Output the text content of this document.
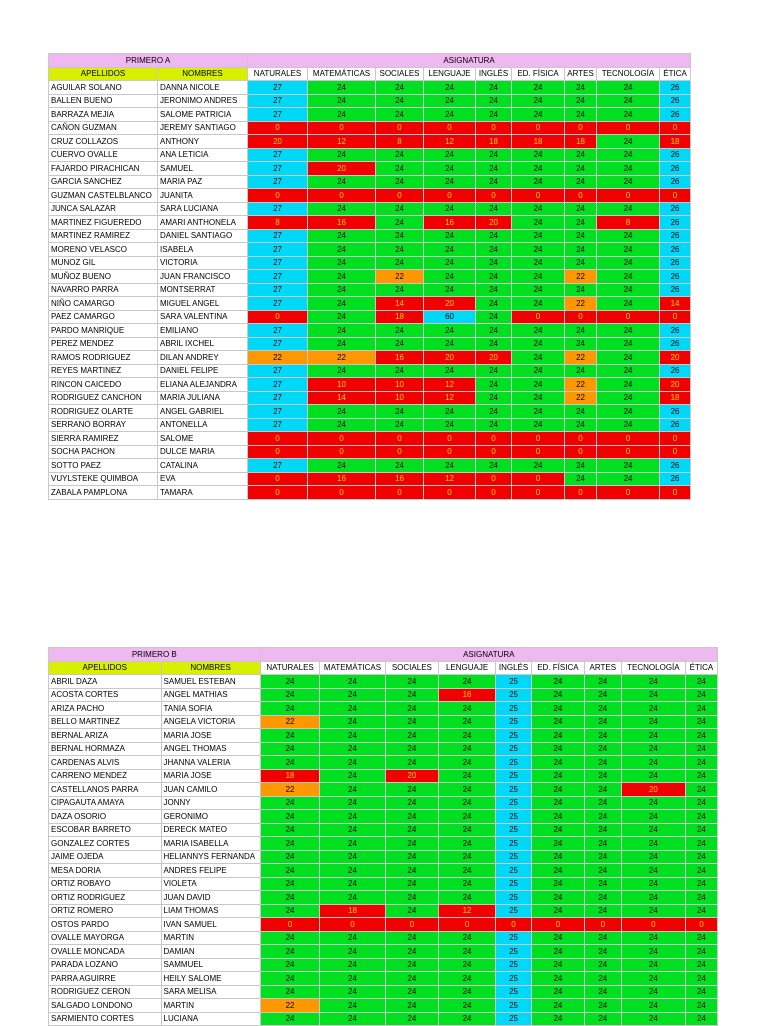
PRIMERO A		ASIGNATURA									
APELLIDOS	NOMBRES	NATURALES	MATEMÁTICAS	SOCIALES	LENGUAJE	INGLÉS	ED. FÍSICA	ARTES	TECNOLOGÍA	ÉTICA	
AGUILAR SOLANO	DANNA NICOLE	27	24	24	24	24	24	24	24	26	
BALLEN BUENO	JERONIMO ANDRES	27	24	24	24	24	24	24	24	26	
BARRAZA MEJIA	SALOME PATRICIA	27	24	24	24	24	24	24	24	26	
CAÑON GUZMAN	JEREMY SANTIAGO	0	0	0	0	0	0	0	0	0	
CRUZ COLLAZOS	ANTHONY	20	12	8	12	18	18	18	24	18	
CUERVO OVALLE	ANA LETICIA	27	24	24	24	24	24	24	24	26	
FAJARDO PIRACHICAN	SAMUEL	27	20	24	24	24	24	24	24	26	
GARCIA SANCHEZ	MARIA PAZ	27	24	24	24	24	24	24	24	26	
GUZMAN CASTELBLANCO	JUANITA	0	0	0	0	0	0	0	0	0	
JUNCA SALAZAR	SARA LUCIANA	27	24	24	24	24	24	24	24	26	
MARTINEZ FIGUEREDO	AMARI ANTHONELA	8	16	24	16	20	24	24	8	26	
MARTINEZ RAMIREZ	DANIEL SANTIAGO	27	24	24	24	24	24	24	24	26	
MORENO VELASCO	ISABELA	27	24	24	24	24	24	24	24	26	
MUNOZ GIL	VICTORIA	27	24	24	24	24	24	24	24	26	
MUÑOZ BUENO	JUAN FRANCISCO	27	24	22	24	24	24	22	24	26	
NAVARRO PARRA	MONTSERRAT	27	24	24	24	24	24	24	24	26	
NIÑO CAMARGO	MIGUEL ANGEL	27	24	14	20	24	24	22	24	14	
PAEZ CAMARGO	SARA VALENTINA	0	24	18	60	24	0	0	0	0	
PARDO MANRIQUE	EMILIANO	27	24	24	24	24	24	24	24	26	
PEREZ MENDEZ	ABRIL IXCHEL	27	24	24	24	24	24	24	24	26	
RAMOS RODRIGUEZ	DILAN ANDREY	22	22	16	20	20	24	22	24	20	
REYES MARTINEZ	DANIEL FELIPE	27	24	24	24	24	24	24	24	26	
RINCON CAICEDO	ELIANA ALEJANDRA	27	10	10	12	24	24	22	24	20	
RODRIGUEZ CANCHON	MARIA JULIANA	27	14	10	12	24	24	22	24	18	
RODRIGUEZ OLARTE	ANGEL GABRIEL	27	24	24	24	24	24	24	24	26	
SERRANO BORRAY	ANTONELLA	27	24	24	24	24	24	24	24	26	
SIERRA RAMIREZ	SALOME	0	0	0	0	0	0	0	0	0	
SOCHA PACHON	DULCE MARIA	0	0	0	0	0	0	0	0	0	
SOTTO PAEZ	CATALINA	27	24	24	24	24	24	24	24	26	
VUYLSTEKE QUIMBOA	EVA	0	16	16	12	0	0	24	24	26	
ZABALA PAMPLONA	TAMARA	0	0	0	0	0	0	0	0	0	
PRIMERO B		ASIGNATURA									
APELLIDOS	NOMBRES	NATURALES	MATEMÁTICAS	SOCIALES	LENGUAJE	INGLÉS	ED. FÍSICA	ARTES	TECNOLOGÍA	ÉTICA	
ABRIL DAZA	SAMUEL ESTEBAN	24	24	24	24	25	24	24	24	24	
ACOSTA CORTES	ANGEL MATHIAS	24	24	24	16	25	24	24	24	24	
ARIZA PACHO	TANIA SOFIA	24	24	24	24	25	24	24	24	24	
BELLO MARTINEZ	ANGELA VICTORIA	22	24	24	24	25	24	24	24	24	
BERNAL ARIZA	MARIA JOSE	24	24	24	24	25	24	24	24	24	
BERNAL HORMAZA	ANGEL THOMAS	24	24	24	24	25	24	24	24	24	
CARDENAS ALVIS	JHANNA VALERIA	24	24	24	24	25	24	24	24	24	
CARRENO MENDEZ	MARIA JOSE	18	24	20	24	25	24	24	24	24	
CASTELLANOS PARRA	JUAN CAMILO	22	24	24	24	25	24	24	20	24	
CIPAGAUTA AMAYA	JONNY	24	24	24	24	25	24	24	24	24	
DAZA OSORIO	GERONIMO	24	24	24	24	25	24	24	24	24	
ESCOBAR BARRETO	DERECK MATEO	24	24	24	24	25	24	24	24	24	
GONZALEZ CORTES	MARIA ISABELLA	24	24	24	24	25	24	24	24	24	
JAIME OJEDA	HELIANNYS FERNANDA	24	24	24	24	25	24	24	24	24	
MESA DORIA	ANDRES FELIPE	24	24	24	24	25	24	24	24	24	
ORTIZ ROBAYO	VIOLETA	24	24	24	24	25	24	24	24	24	
ORTIZ RODRIGUEZ	JUAN DAVID	24	24	24	24	25	24	24	24	24	
ORTIZ ROMERO	LIAM THOMAS	24	18	24	12	25	24	24	24	24	
OSTOS PARDO	IVAN SAMUEL	0	0	0	0	0	0	0	0	0	
OVALLE MAYORGA	MARTIN	24	24	24	24	25	24	24	24	24	
OVALLE MONCADA	DAMIAN	24	24	24	24	25	24	24	24	24	
PARADA LOZANO	SAMMUEL	24	24	24	24	25	24	24	24	24	
PARRA AGUIRRE	HEILY SALOME	24	24	24	24	25	24	24	24	24	
RODRIGUEZ CERON	SARA MELISA	24	24	24	24	25	24	24	24	24	
SALGADO LONDONO	MARTIN	22	24	24	24	25	24	24	24	24	
SARMIENTO CORTES	LUCIANA	24	24	24	24	25	24	24	24	24	
